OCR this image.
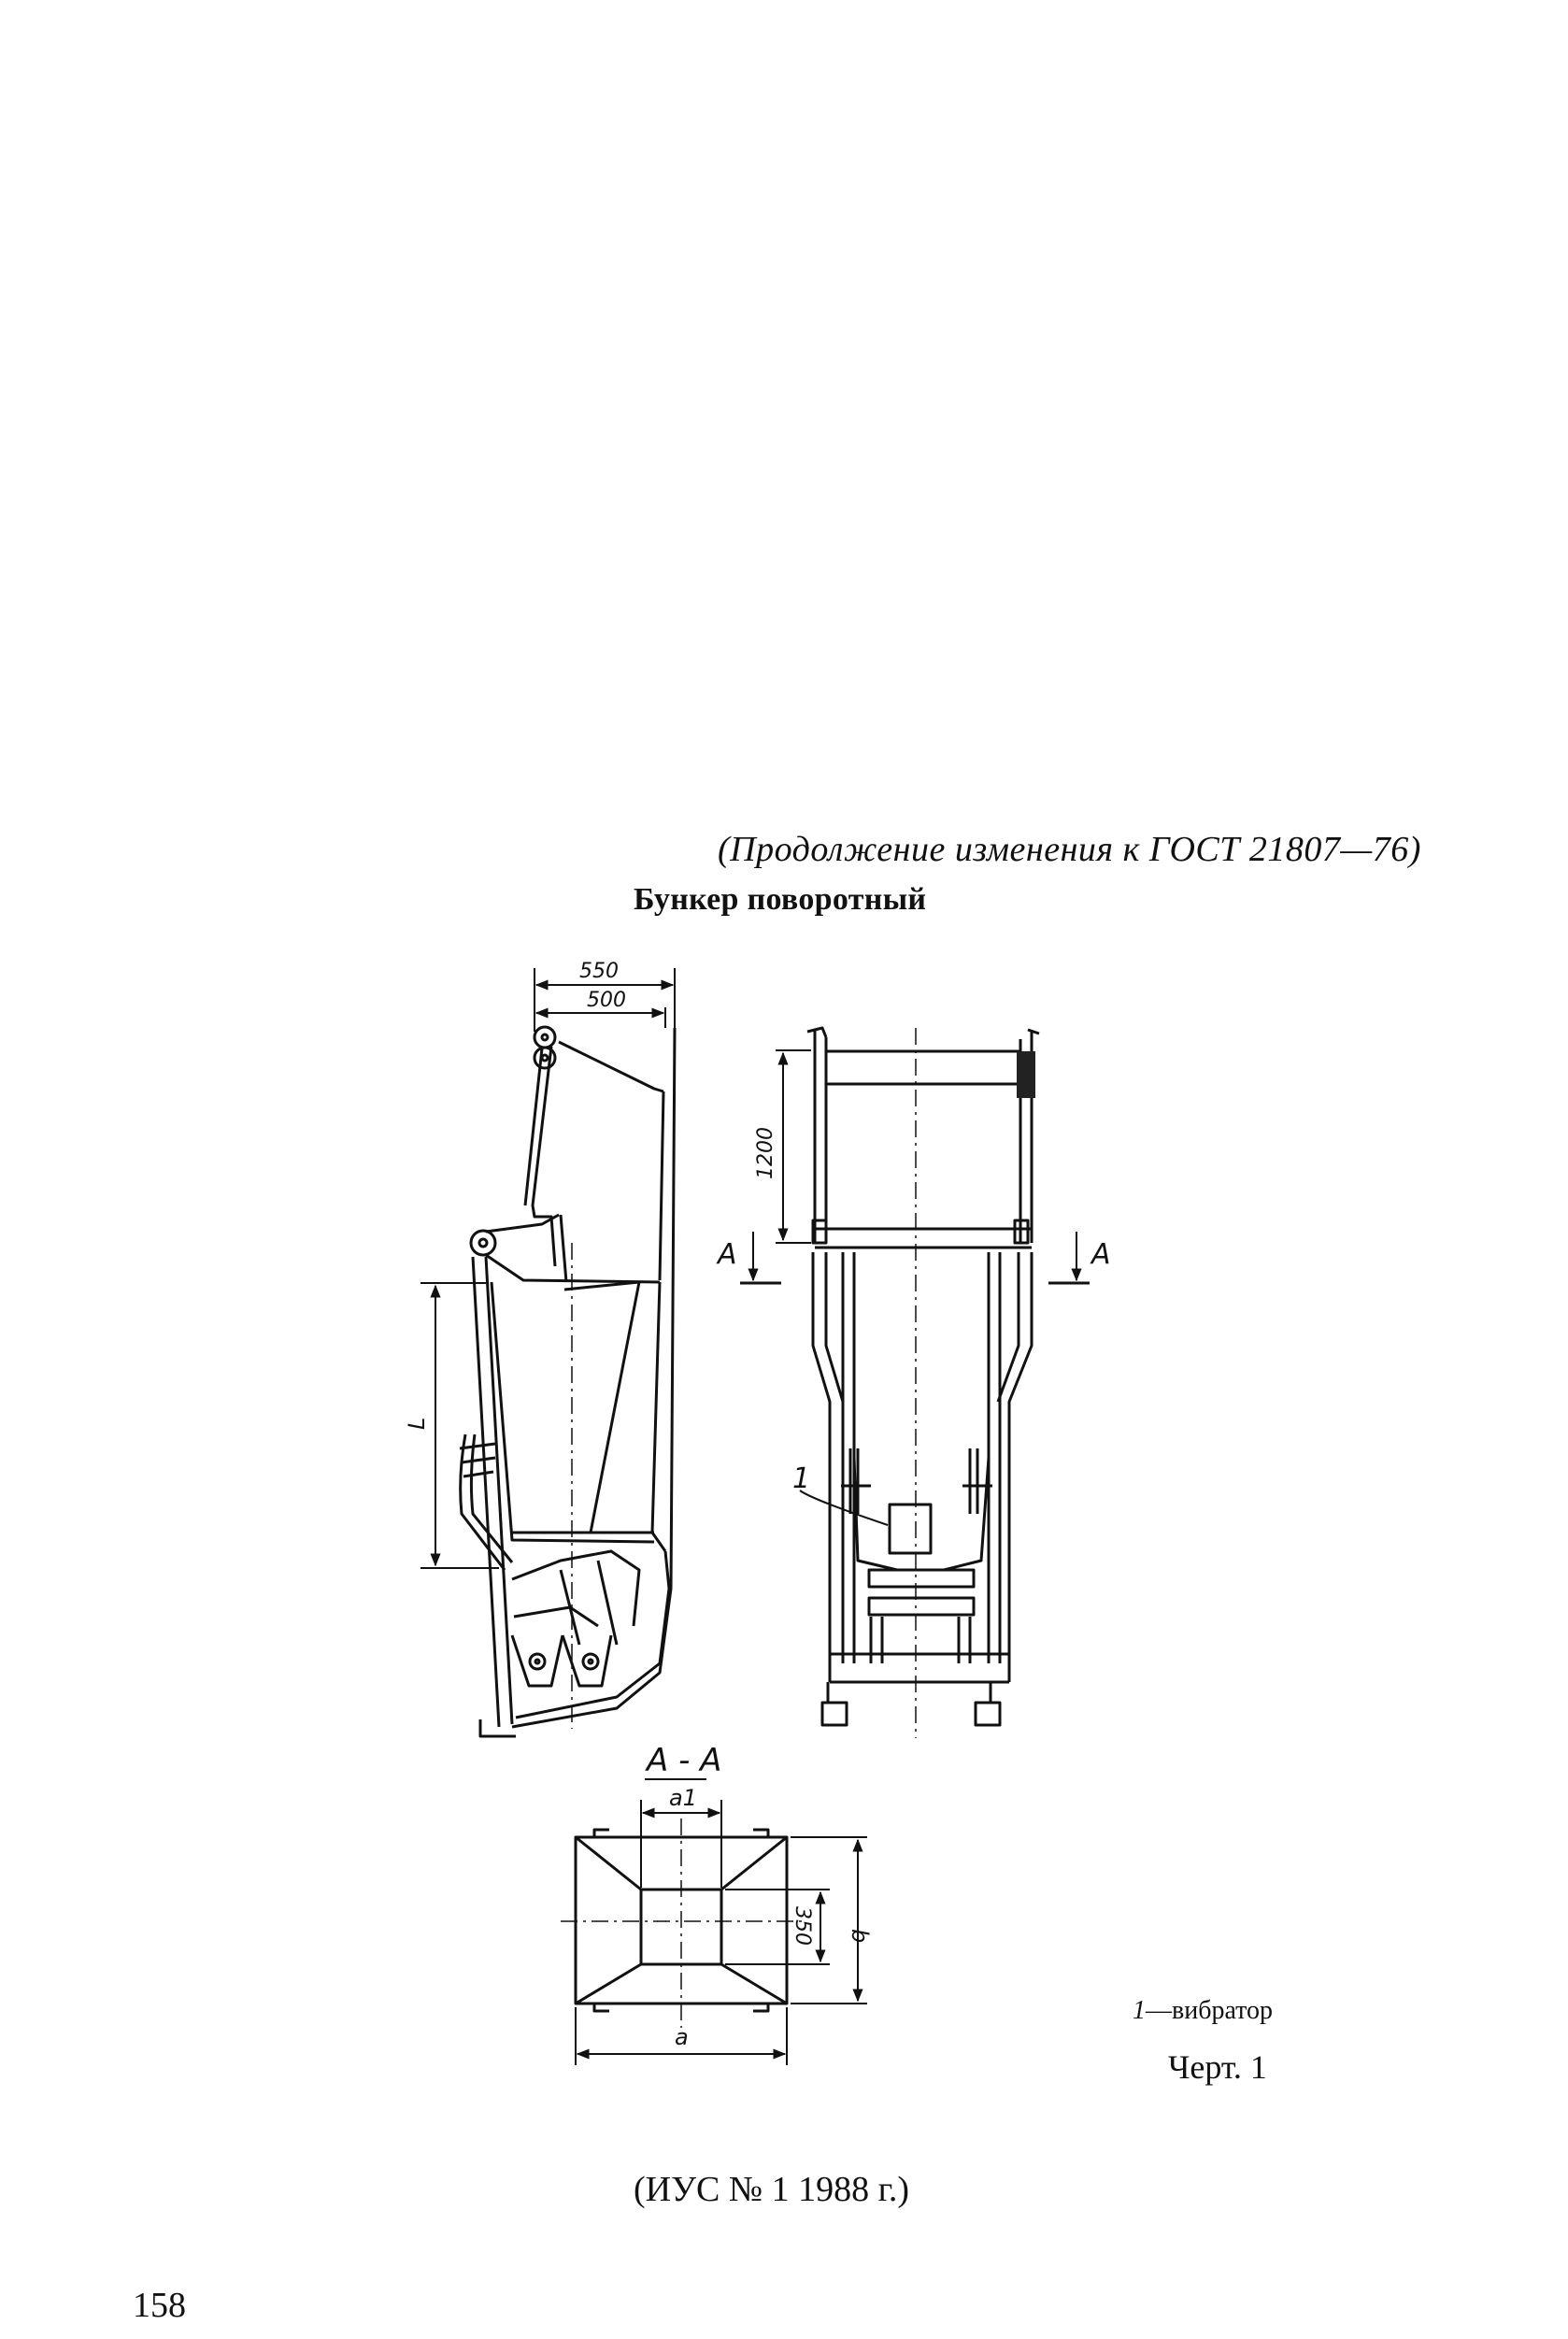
(Продолжение изменения к ГОСТ 21807—76)
Бункер поворотный
550
500
L
1200
А	А
1
А - А
a1
a
b
350
1—вибратор
Черт. 1
(ИУС № 1 1988 г.)
158
